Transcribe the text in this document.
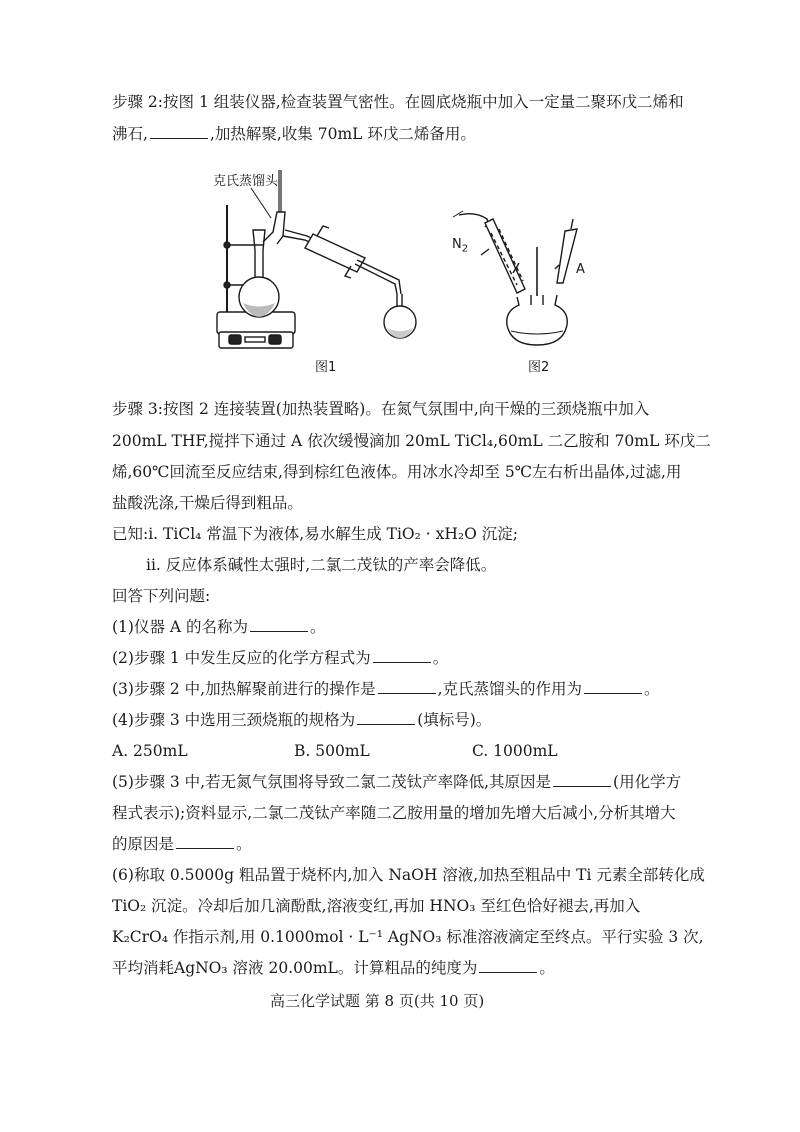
步骤 2:按图 1 组装仪器,检查装置气密性。在圆底烧瓶中加入一定量二聚环戊二烯和
沸石,	,加热解聚,收集 70mL 环戊二烯备用。
克氏蒸馏头
图1
$N_2$
A
图2
步骤 3:按图 2 连接装置(加热装置略)。在氮气氛围中,向干燥的三颈烧瓶中加入
200mL THF,搅拌下通过 A 依次缓慢滴加 20mL TiCl₄,60mL 二乙胺和 70mL 环戊二
烯,60℃回流至反应结束,得到棕红色液体。用冰水冷却至 5℃左右析出晶体,过滤,用
盐酸洗涤,干燥后得到粗品。
已知:i. TiCl₄ 常温下为液体,易水解生成 TiO₂ · xH₂O 沉淀;
ii. 反应体系碱性太强时,二氯二茂钛的产率会降低。
回答下列问题:
(1)仪器 A 的名称为	。
(2)步骤 1 中发生反应的化学方程式为	。
(3)步骤 2 中,加热解聚前进行的操作是	,克氏蒸馏头的作用为	。
(4)步骤 3 中选用三颈烧瓶的规格为	(填标号)。
A. 250mL	B. 500mL	C. 1000mL
(5)步骤 3 中,若无氮气氛围将导致二氯二茂钛产率降低,其原因是	(用化学方
程式表示);资料显示,二氯二茂钛产率随二乙胺用量的增加先增大后减小,分析其增大
的原因是	。
(6)称取 0.5000g 粗品置于烧杯内,加入 NaOH 溶液,加热至粗品中 Ti 元素全部转化成
TiO₂ 沉淀。冷却后加几滴酚酞,溶液变红,再加 HNO₃ 至红色恰好褪去,再加入
K₂CrO₄ 作指示剂,用 0.1000mol · L⁻¹ AgNO₃ 标准溶液滴定至终点。平行实验 3 次,
平均消耗AgNO₃ 溶液 20.00mL。计算粗品的纯度为	。
高三化学试题 第 8 页(共 10 页)
